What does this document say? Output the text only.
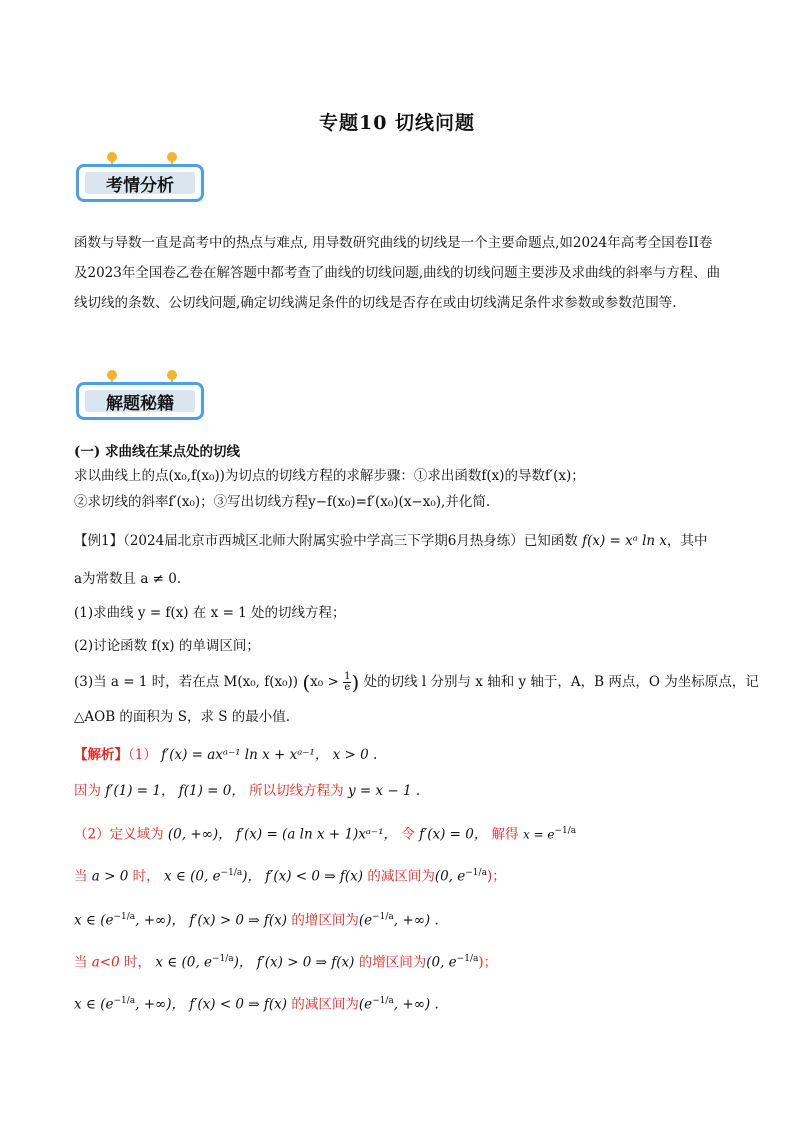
专题10 切线问题
考情分析
函数与导数一直是高考中的热点与难点, 用导数研究曲线的切线是一个主要命题点,如2024年高考全国卷II卷及2023年全国卷乙卷在解答题中都考查了曲线的切线问题,曲线的切线问题主要涉及求曲线的斜率与方程、曲线切线的条数、公切线问题,确定切线满足条件的切线是否存在或由切线满足条件求参数或参数范围等.
解题秘籍
(一) 求曲线在某点处的切线
求以曲线上的点(x₀,f(x₀))为切点的切线方程的求解步骤：①求出函数f(x)的导数f′(x)；
②求切线的斜率f′(x₀)；③写出切线方程y−f(x₀)=f′(x₀)(x−x₀),并化简.
【例1】（2024届北京市西城区北师大附属实验中学高三下学期6月热身练）已知函数 f(x) = xᵃ ln x，其中
a为常数且 a ≠ 0.
(1)求曲线 y = f(x) 在 x = 1 处的切线方程；
(2)讨论函数 f(x) 的单调区间；
(3)当 a = 1 时，若在点 M(x₀, f(x₀)) ($x_0 > \frac{1}{e}$ ) 处的切线 l 分别与 x 轴和 y 轴于，A，B 两点，O 为坐标原点，记
△AOB 的面积为 S，求 S 的最小值.
【解析】（1） f′(x) = axᵃ⁻¹ ln x + xᵃ⁻¹， x > 0 .
因为 f′(1) = 1， f(1) = 0， 所以切线方程为 y = x − 1 .
（2）定义域为 (0, +∞)， f′(x) = (a ln x + 1)xᵃ⁻¹， 令 f′(x) = 0， 解得 $x = e^{-1/a}$
当 a > 0 时， x ∈ (0, $e^{-1/a}$)， f′(x) < 0 ⇒ f(x) 的减区间为(0, $e^{-1/a}$)；
x ∈ ($e^{-1/a}$, +∞)， f′(x) > 0 ⇒ f(x) 的增区间为($e^{-1/a}$, +∞) .
当 a<0 时， x ∈ (0, $e^{-1/a}$)， f′(x) > 0 ⇒ f(x) 的增区间为(0, $e^{-1/a}$)；
x ∈ ($e^{-1/a}$, +∞)， f′(x) < 0 ⇒ f(x) 的减区间为($e^{-1/a}$, +∞) .
